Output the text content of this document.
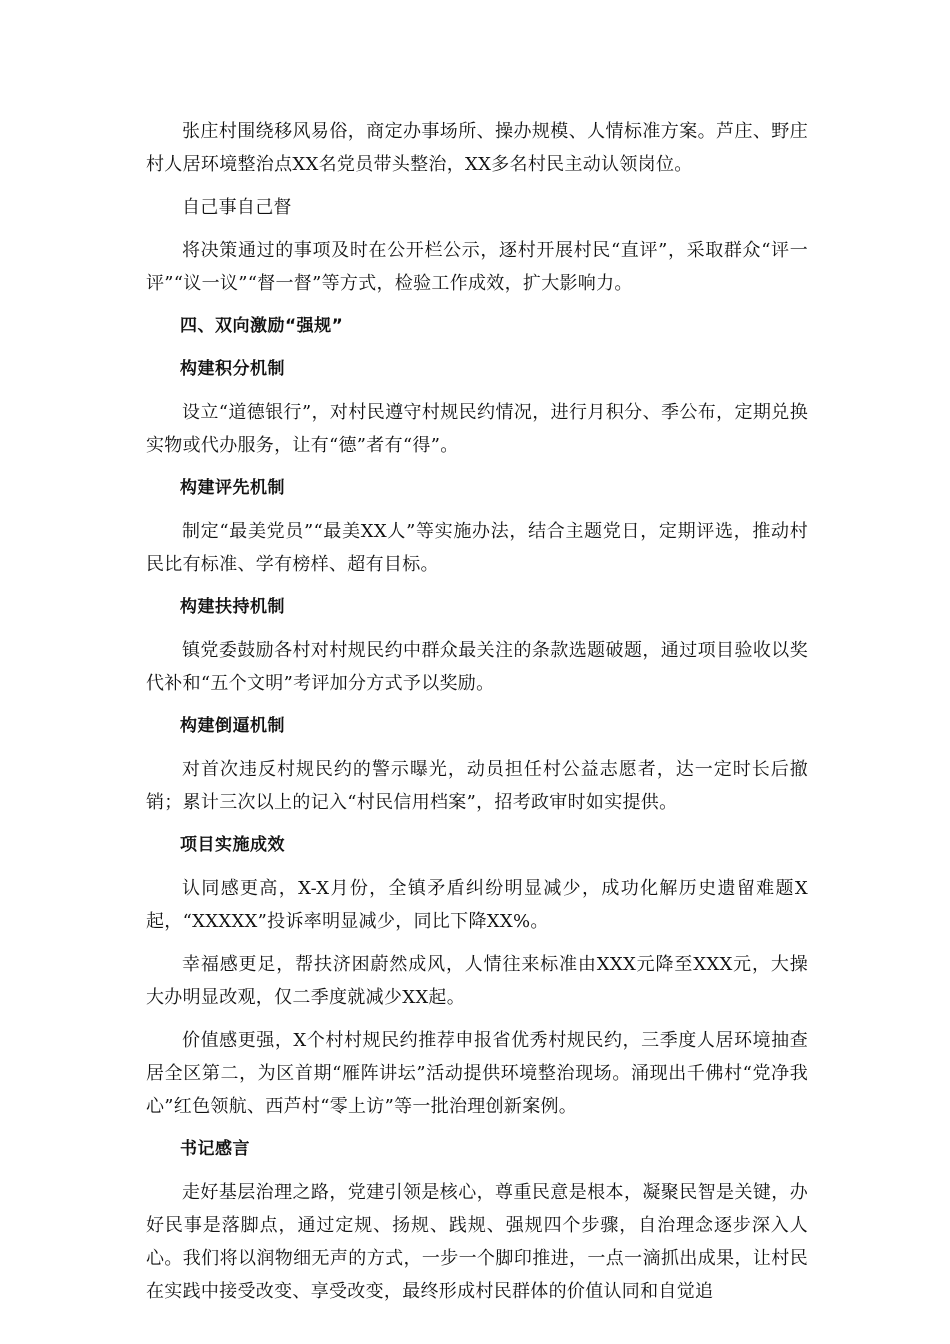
张庄村围绕移风易俗，商定办事场所、操办规模、人情标准方案。芦庄、野庄村人居环境整治点XX名党员带头整治，XX多名村民主动认领岗位。

自己事自己督

将决策通过的事项及时在公开栏公示，逐村开展村民“直评”，采取群众“评一评”“议一议”“督一督”等方式，检验工作成效，扩大影响力。

四、双向激励“强规”

构建积分机制

设立“道德银行”，对村民遵守村规民约情况，进行月积分、季公布，定期兑换实物或代办服务，让有“德”者有“得”。

构建评先机制

制定“最美党员”“最美XX人”等实施办法，结合主题党日，定期评选，推动村民比有标准、学有榜样、超有目标。

构建扶持机制

镇党委鼓励各村对村规民约中群众最关注的条款选题破题，通过项目验收以奖代补和“五个文明”考评加分方式予以奖励。

构建倒逼机制

对首次违反村规民约的警示曝光，动员担任村公益志愿者，达一定时长后撤销；累计三次以上的记入“村民信用档案”，招考政审时如实提供。

项目实施成效

认同感更高，X-X月份，全镇矛盾纠纷明显减少，成功化解历史遗留难题X起，“XXXXX”投诉率明显减少，同比下降XX%。

幸福感更足，帮扶济困蔚然成风，人情往来标准由XXX元降至XXX元，大操大办明显改观，仅二季度就减少XX起。

价值感更强，X个村村规民约推荐申报省优秀村规民约，三季度人居环境抽查居全区第二，为区首期“雁阵讲坛”活动提供环境整治现场。涌现出千佛村“党净我心”红色领航、西芦村“零上访”等一批治理创新案例。

书记感言

走好基层治理之路，党建引领是核心，尊重民意是根本，凝聚民智是关键，办好民事是落脚点，通过定规、扬规、践规、强规四个步骤，自治理念逐步深入人心。我们将以润物细无声的方式，一步一个脚印推进，一点一滴抓出成果，让村民在实践中接受改变、享受改变，最终形成村民群体的价值认同和自觉追
